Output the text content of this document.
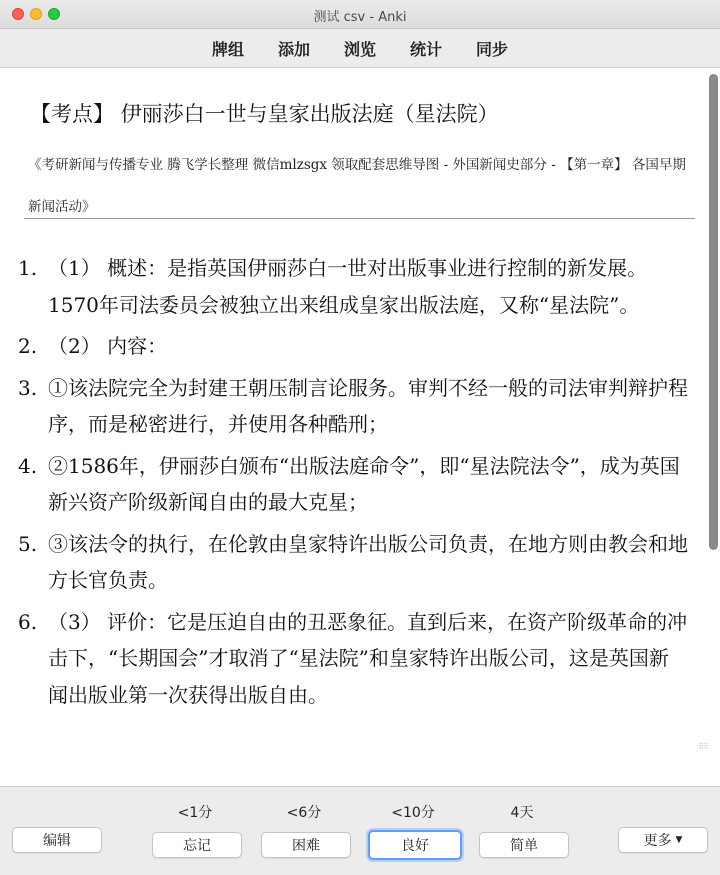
测试 csv - Anki
牌组 添加 浏览 统计 同步
【考点】 伊丽莎白一世与皇家出版法庭（星法院）
《考研新闻与传播专业 腾飞学长整理 微信mlzsgx 领取配套思维导图 - 外国新闻史部分 - 【第一章】 各国早期新闻活动》
1. （1） 概述：是指英国伊丽莎白一世对出版事业进行控制的新发展。1570年司法委员会被独立出来组成皇家出版法庭，又称“星法院”。
2. （2） 内容：
3. ①该法院完全为封建王朝压制言论服务。审判不经一般的司法审判辩护程序，而是秘密进行，并使用各种酷刑；
4. ②1586年，伊丽莎白颁布“出版法庭命令”，即“星法院法令”，成为英国新兴资产阶级新闻自由的最大克星；
5. ③该法令的执行，在伦敦由皇家特许出版公司负责，在地方则由教会和地方长官负责。
6. （3） 评价：它是压迫自由的丑恶象征。直到后来，在资产阶级革命的冲击下，“长期国会”才取消了“星法院”和皇家特许出版公司，这是英国新闻出版业第一次获得出版自由。
⠿⠿
编辑
<1分	<6分	<10分	4天
忘记	困难	良好	简单	更多 ▼
